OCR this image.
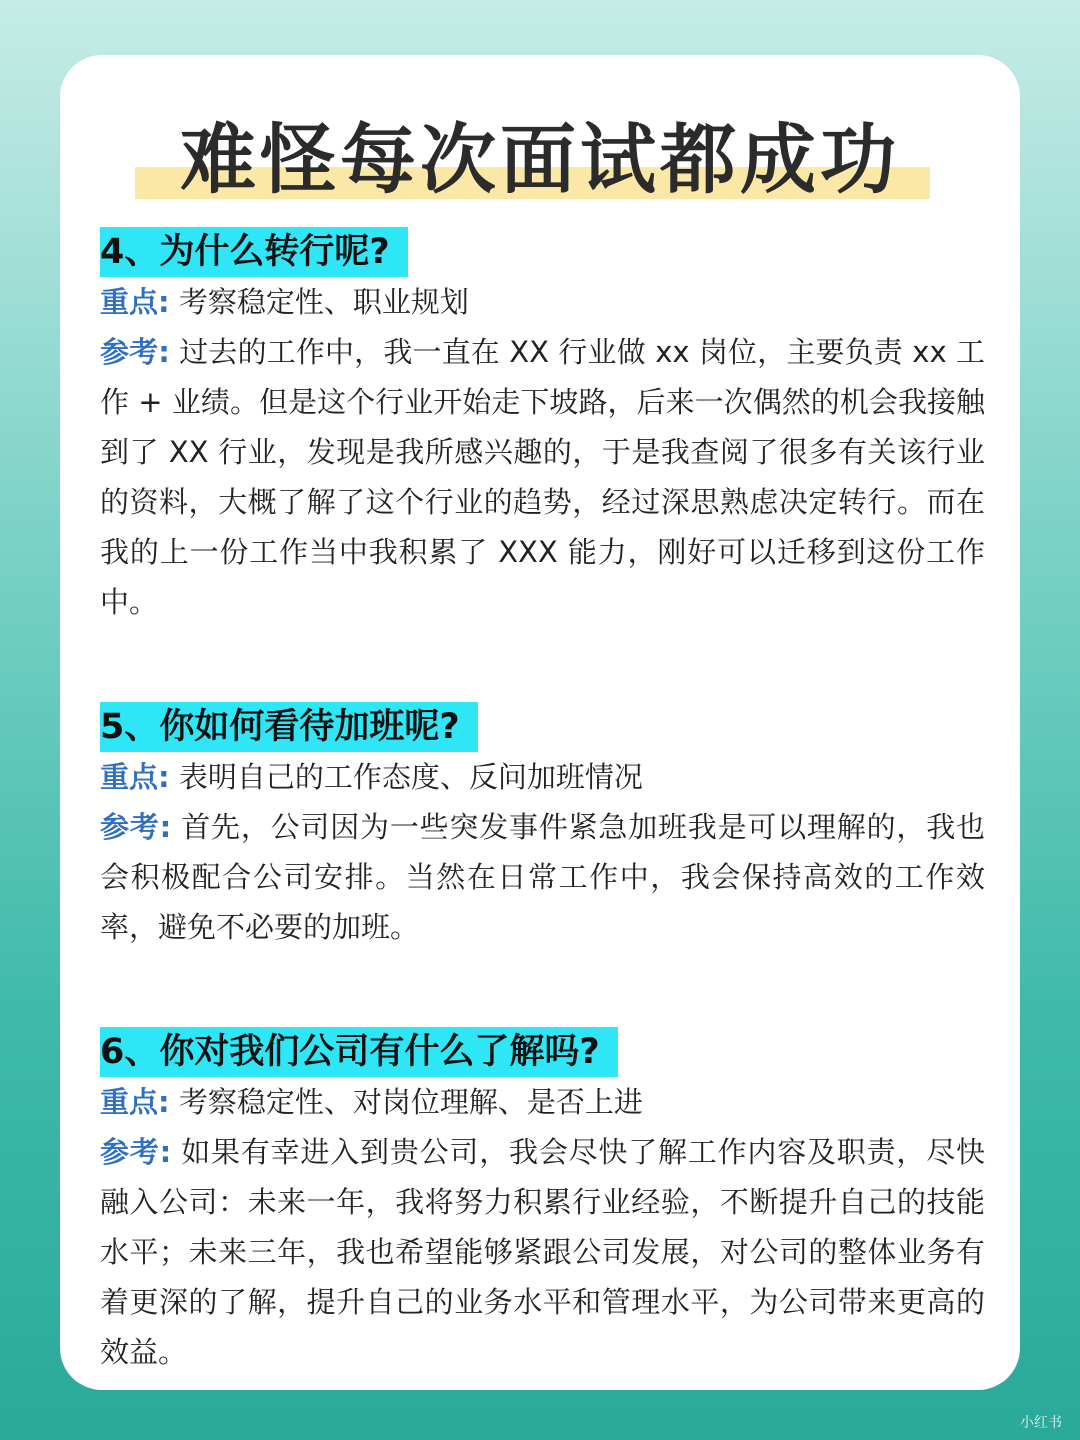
难怪每次面试都成功
4、为什么转行呢?

重点: 考察稳定性、职业规划

参考: 过去的工作中，我一直在 XX 行业做 xx 岗位，主要负责 xx 工作 + 业绩。但是这个行业开始走下坡路，后来一次偶然的机会我接触到了 XX 行业，发现是我所感兴趣的，于是我查阅了很多有关该行业的资料，大概了解了这个行业的趋势，经过深思熟虑决定转行。而在我的上一份工作当中我积累了 XXX 能力，刚好可以迁移到这份工作中。

5、你如何看待加班呢?

重点: 表明自己的工作态度、反问加班情况

参考: 首先，公司因为一些突发事件紧急加班我是可以理解的，我也会积极配合公司安排。当然在日常工作中，我会保持高效的工作效率，避免不必要的加班。

6、你对我们公司有什么了解吗?

重点: 考察稳定性、对岗位理解、是否上进

参考: 如果有幸进入到贵公司，我会尽快了解工作内容及职责，尽快融入公司：未来一年，我将努力积累行业经验，不断提升自己的技能水平；未来三年，我也希望能够紧跟公司发展，对公司的整体业务有着更深的了解，提升自己的业务水平和管理水平，为公司带来更高的效益。

小红书
